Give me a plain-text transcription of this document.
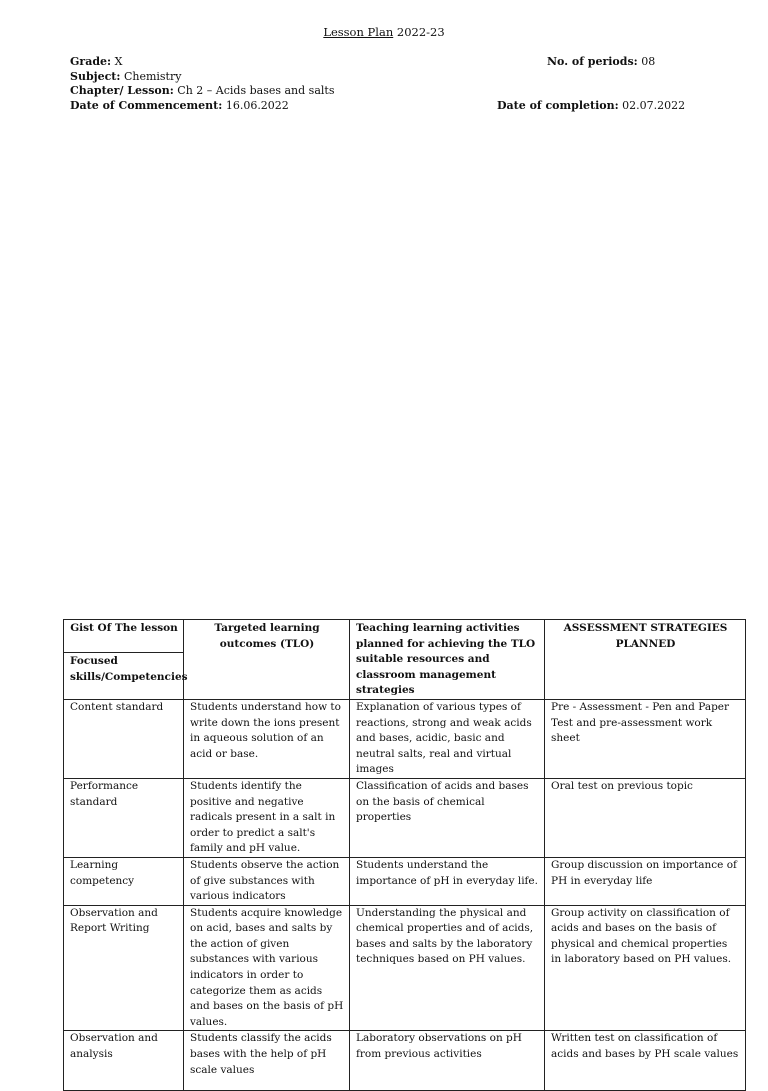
Lesson Plan 2022-23
Grade: X
Subject: Chemistry
Chapter/ Lesson: Ch 2 – Acids bases and salts
Date of Commencement: 16.06.2022
No. of periods: 08
Date of completion: 02.07.2022
Gist Of The lesson	Targeted learning outcomes (TLO)	Teaching learning activities planned for achieving the TLO suitable resources and classroom management strategies	ASSESSMENT STRATEGIES PLANNED
Focused skills/Competencies			
Content standard	Students understand how to write down the ions present in aqueous solution of an acid or base.	Explanation of various types of reactions, strong and weak acids and bases, acidic, basic and neutral salts, real and virtual images	Pre - Assessment - Pen and Paper Test and pre-assessment work sheet
Performance standard	Students identify the positive and negative radicals present in a salt in order to predict a salt's family and pH value.	Classification of acids and bases on the basis of chemical properties	Oral test on previous topic
Learning competency	Students observe the action of give substances with various indicators	Students understand the importance of pH in everyday life.	Group discussion on importance of PH in everyday life
Observation and Report Writing	Students acquire knowledge on acid, bases and salts by the action of given substances with various indicators in order to categorize them as acids and bases on the basis of pH values.	Understanding the physical and chemical properties and of acids, bases and salts by the laboratory techniques based on PH values.	Group activity on classification of acids and bases on the basis of physical and chemical properties in laboratory based on PH values.
Observation and analysis	Students classify the acids bases with the help of pH scale values	Laboratory observations on pH from previous activities	Written test on classification of acids and bases by PH scale values
